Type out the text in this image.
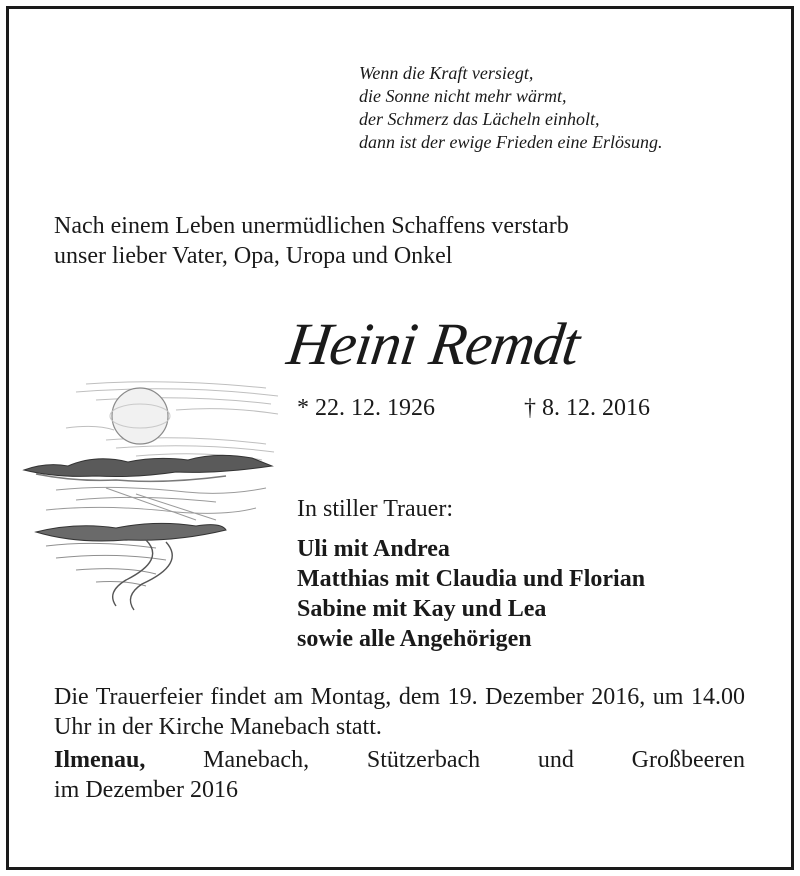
Wenn die Kraft versiegt,
die Sonne nicht mehr wärmt,
der Schmerz das Lächeln einholt,
dann ist der ewige Frieden eine Erlösung.
Nach einem Leben unermüdlichen Schaffens verstarb
unser lieber Vater, Opa, Uropa und Onkel
Heini Remdt
* 22. 12. 1926	† 8. 12. 2016
In stiller Trauer:
Uli mit Andrea
Matthias mit Claudia und Florian
Sabine mit Kay und Lea
sowie alle Angehörigen
Die Trauerfeier findet am Montag, dem 19. Dezember 2016, um 14.00 Uhr in der Kirche Manebach statt.
Ilmenau, Manebach, Stützerbach und Großbeeren
im Dezember 2016
